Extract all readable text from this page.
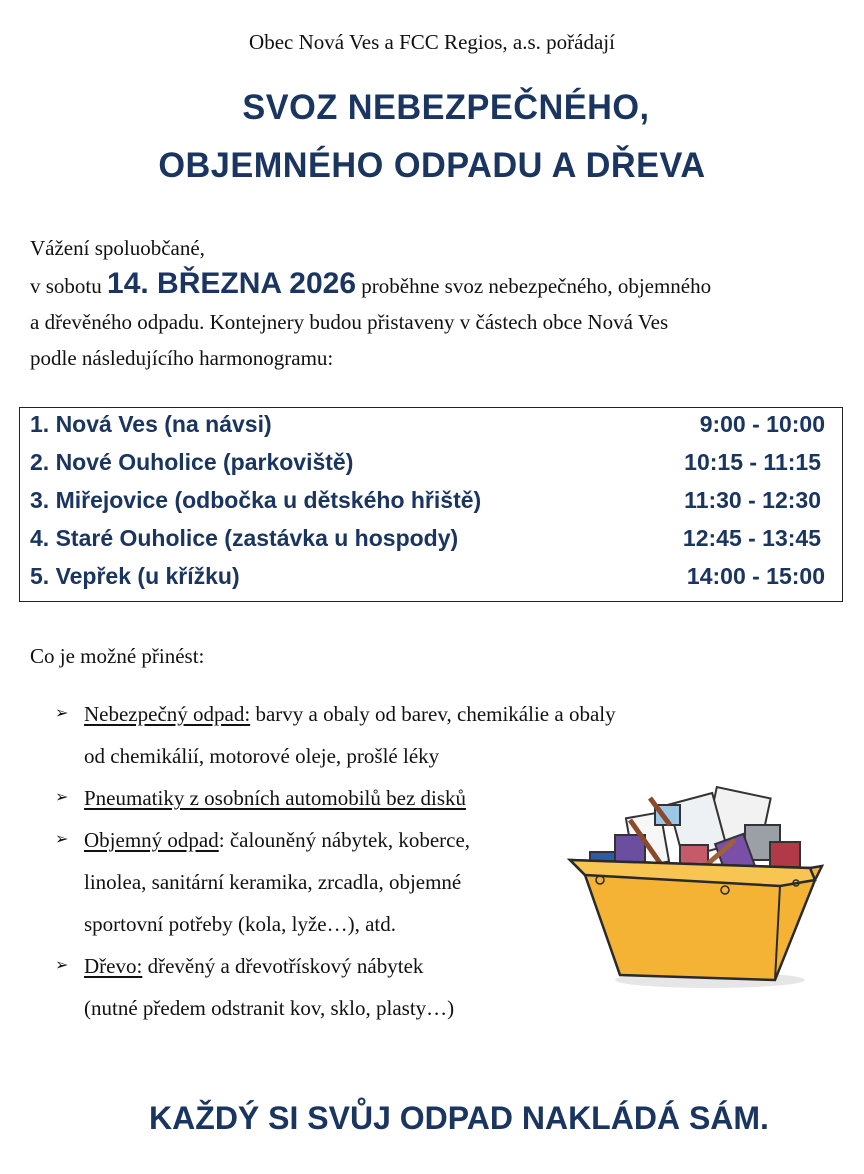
Obec Nová Ves a FCC Regios, a.s. pořádají
SVOZ NEBEZPEČNÉHO,
OBJEMNÉHO ODPADU A DŘEVA
Vážení spoluobčané,
v sobotu 14. BŘEZNA 2026 proběhne svoz nebezpečného, objemného
a dřevěného odpadu. Kontejnery budou přistaveny v částech obce Nová Ves
podle následujícího harmonogramu:
1. Nová Ves (na návsi)	9:00 - 10:00
2. Nové Ouholice (parkoviště)	10:15 - 11:15
3. Miřejovice (odbočka u dětského hřiště)	11:30 - 12:30
4. Staré Ouholice (zastávka u hospody)	12:45 - 13:45
5. Vepřek (u křížku)	14:00 - 15:00
Co je možné přinést:
➢ Nebezpečný odpad: barvy a obaly od barev, chemikálie a obaly
od chemikálií, motorové oleje, prošlé léky
➢ Pneumatiky z osobních automobilů bez disků
➢ Objemný odpad: čalouněný nábytek, koberce,
linolea, sanitární keramika, zrcadla, objemné
sportovní potřeby (kola, lyže…), atd.
➢ Dřevo: dřevěný a dřevotřískový nábytek
(nutné předem odstranit kov, sklo, plasty…)
KAŽDÝ SI SVŮJ ODPAD NAKLÁDÁ SÁM.
